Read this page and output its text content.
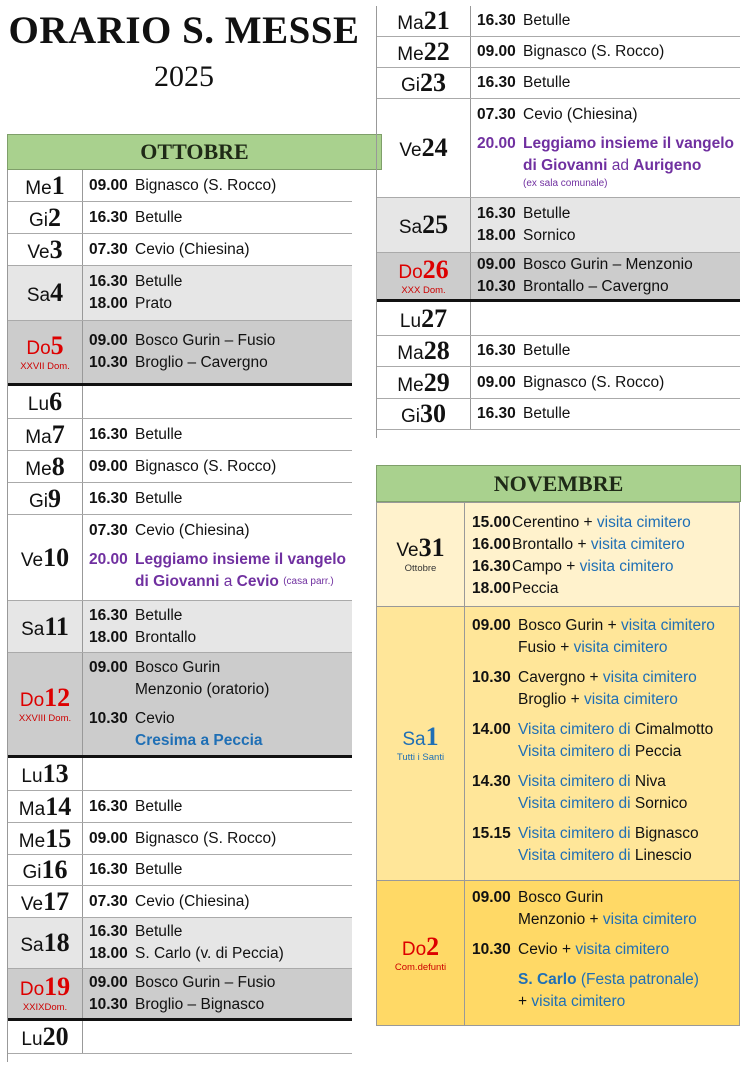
ORARIO S. MESSE
2025
OTTOBRE
Me1 09.00 Bignasco (S. Rocco)
Gi2 16.30 Betulle
Ve3 07.30 Cevio (Chiesina)
Sa4 16.30 Betulle
18.00 Prato
Do5
XXVII Dom.
09.00 Bosco Gurin – Fusio
10.30 Broglio – Cavergno
Lu6
Ma7 16.30 Betulle
Me8 09.00 Bignasco (S. Rocco)
Gi9 16.30 Betulle
Ve10
07.30 Cevio (Chiesina)
20.00 Leggiamo insieme il vangelo
di Giovanni
a
Cevio
(casa parr.)
Sa11 16.30 Betulle
18.00 Brontallo
Do12
XXVIII Dom.
09.00 Bosco Gurin
Menzonio (oratorio)
10.30 Cevio
Cresima a Peccia
Lu13
Ma14 16.30 Betulle
Me15 09.00 Bignasco (S. Rocco)
Gi16 16.30 Betulle
Ve17 07.30 Cevio (Chiesina)
Sa18 16.30 Betulle
18.00 S. Carlo (v. di Peccia)
Do19
XXIXDom.
09.00 Bosco Gurin – Fusio
10.30 Broglio – Bignasco
Lu20
Ma21 16.30 Betulle
Me22 09.00 Bignasco (S. Rocco)
Gi23 16.30 Betulle
Ve24
07.30 Cevio (Chiesina)
20.00 Leggiamo insieme il vangelo
di Giovanni
ad
Aurigeno
(ex sala comunale)
Sa25 16.30 Betulle
18.00 Sornico
Do26
XXX Dom.
09.00 Bosco Gurin – Menzonio
10.30 Brontallo – Cavergno
Lu27
Ma28 16.30 Betulle
Me29 09.00 Bignasco (S. Rocco)
Gi30 16.30 Betulle
NOVEMBRE
Ve31
Ottobre
15.00Cerentino + visita cimitero
16.00Brontallo + visita cimitero
16.30Campo + visita cimitero
18.00Peccia
Sa1
Tutti i Santi
09.00 Bosco Gurin + visita cimitero
Fusio + visita cimitero
10.30 Cavergno + visita cimitero
Broglio + visita cimitero
14.00 Visita cimitero di Cimalmotto
Visita cimitero di Peccia
14.30 Visita cimitero di Niva
Visita cimitero di Sornico
15.15 Visita cimitero di Bignasco
Visita cimitero di Linescio
Do2
Com.defunti
09.00 Bosco Gurin
Menzonio + visita cimitero
10.30 Cevio + visita cimitero
S. Carlo (Festa patronale)
+ visita cimitero
